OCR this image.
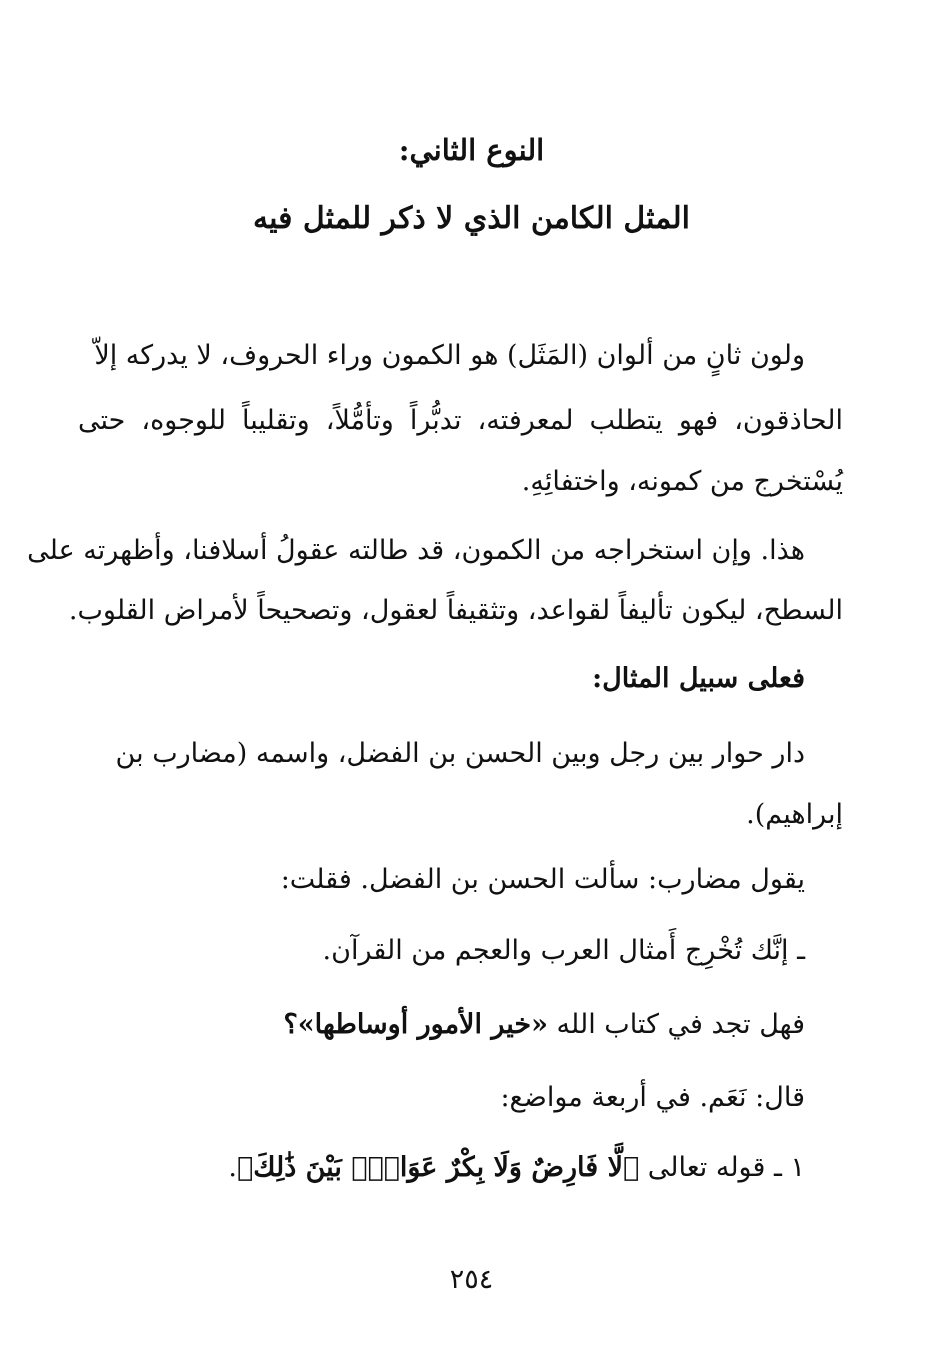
النوع الثاني:
المثل الكامن الذي لا ذكر للمثل فيه
ولون ثانٍ من ألوان (المَثَل) هو الكمون وراء الحروف، لا يدركه إلاّ
الحاذقون، فهو يتطلب لمعرفته، تدبُّراً وتأمُّلاً، وتقليباً للوجوه، حتى
يُسْتخرج من كمونه، واختفائِهِ.
هذا. وإن استخراجه من الكمون، قد طالته عقولُ أسلافنا، وأظهرته على
السطح، ليكون تأليفاً لقواعد، وتثقيفاً لعقول، وتصحيحاً لأمراض القلوب.
فعلى سبيل المثال:
دار حوار بين رجل وبين الحسن بن الفضل، واسمه (مضارب بن
إبراهيم).
يقول مضارب: سألت الحسن بن الفضل. فقلت:
ـ إنَّك تُخْرِج أَمثال العرب والعجم من القرآن.
فهل تجد في كتاب الله «خير الأمور أوساطها»؟
قال: نَعَم. في أربعة مواضع:
١ ـ قوله تعالى ﴿لَّا فَارِضٌ وَلَا بِكْرٌ عَوَانٌۢ بَيْنَ ذَٰلِكَ﴾.
٢٥٤
